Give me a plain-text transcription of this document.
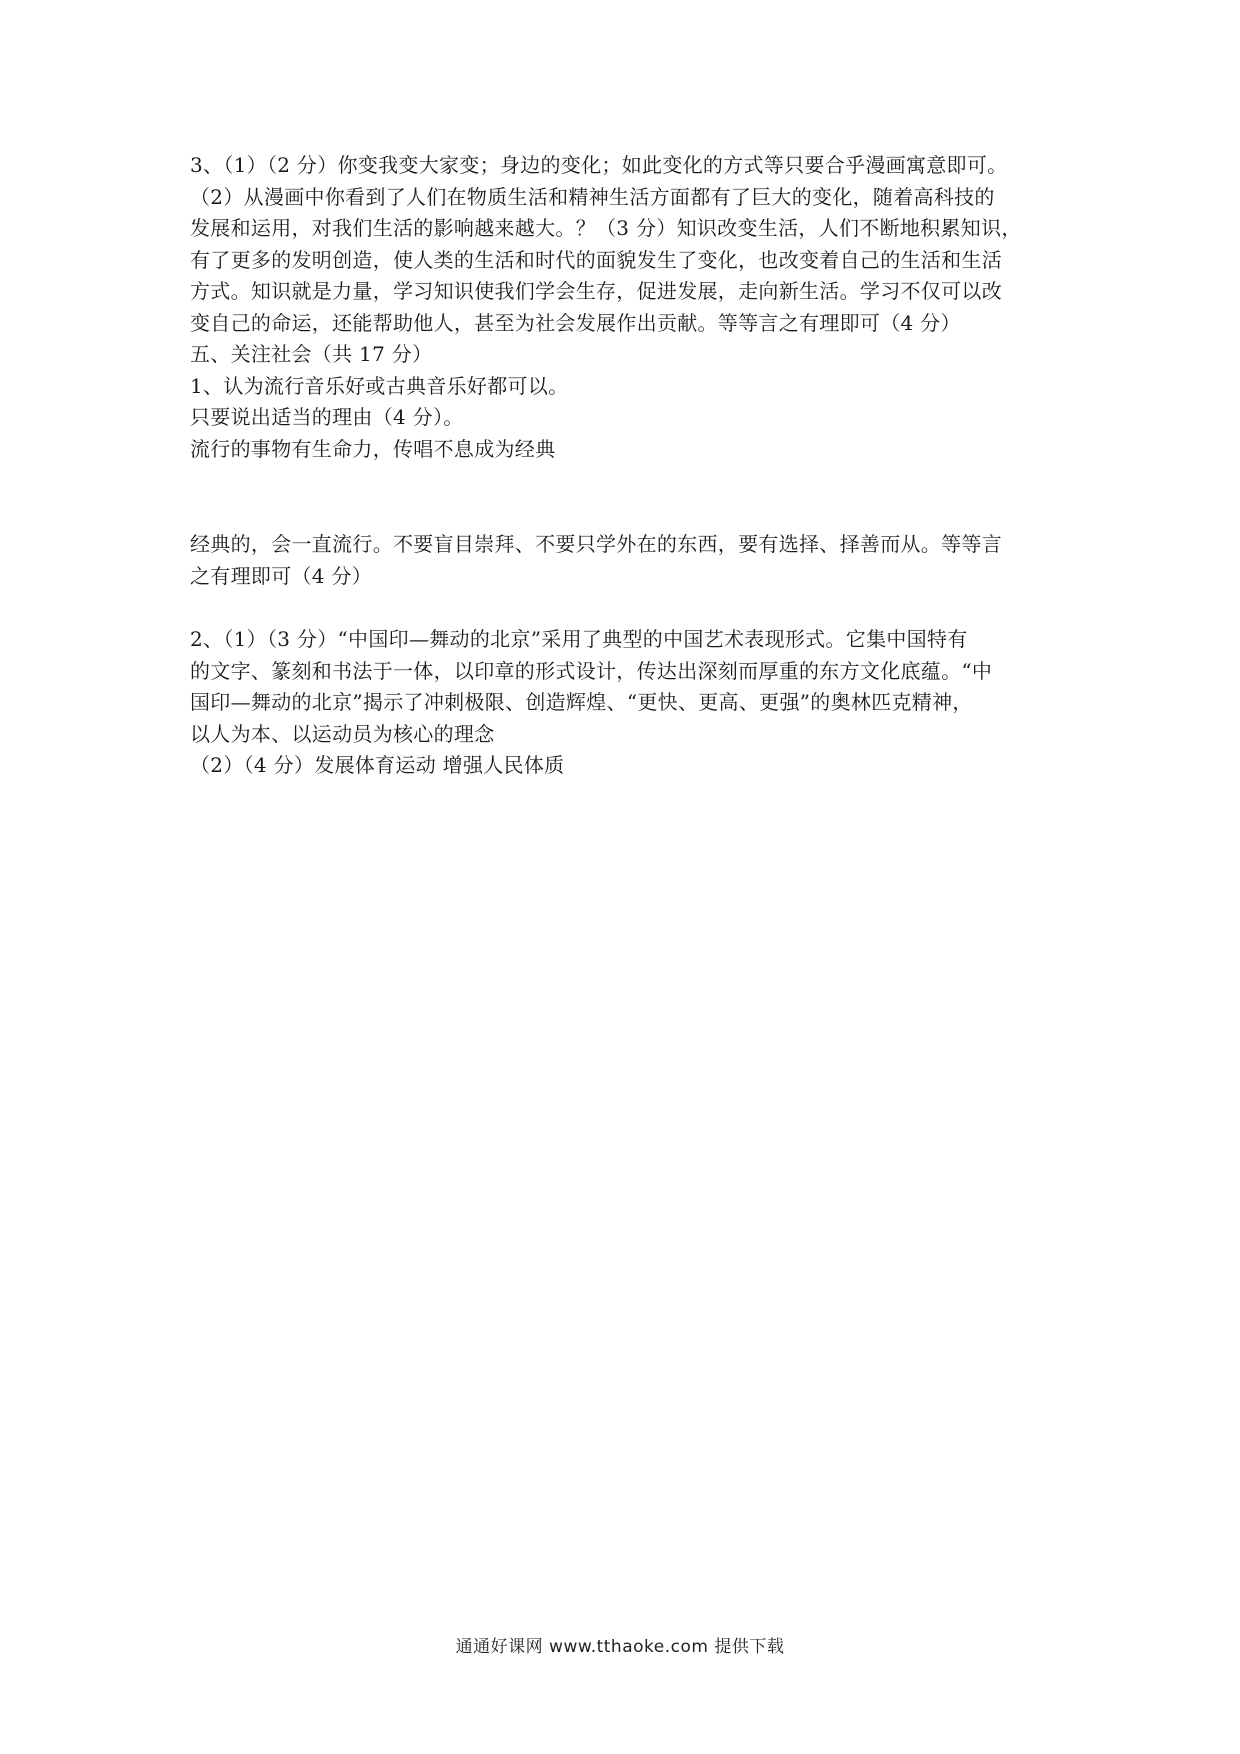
3、（1）（2 分）你变我变大家变；身边的变化；如此变化的方式等只要合乎漫画寓意即可。
（2）从漫画中你看到了人们在物质生活和精神生活方面都有了巨大的变化，随着高科技的
发展和运用，对我们生活的影响越来越大。？（3 分）知识改变生活，人们不断地积累知识，
有了更多的发明创造，使人类的生活和时代的面貌发生了变化，也改变着自己的生活和生活
方式。知识就是力量，学习知识使我们学会生存，促进发展，走向新生活。学习不仅可以改
变自己的命运，还能帮助他人，甚至为社会发展作出贡献。等等言之有理即可（4 分）
五、关注社会（共 17 分）
1、认为流行音乐好或古典音乐好都可以。
只要说出适当的理由（4 分）。
流行的事物有生命力，传唱不息成为经典
经典的，会一直流行。不要盲目崇拜、不要只学外在的东西，要有选择、择善而从。等等言
之有理即可（4 分）
2、（1）（3 分）“中国印—舞动的北京”采用了典型的中国艺术表现形式。它集中国特有
的文字、篆刻和书法于一体，以印章的形式设计，传达出深刻而厚重的东方文化底蕴。“中
国印—舞动的北京”揭示了冲刺极限、创造辉煌、“更快、更高、更强”的奥林匹克精神，
以人为本、以运动员为核心的理念
（2）（4 分）发展体育运动 增强人民体质
通通好课网 www.tthaoke.com 提供下载
